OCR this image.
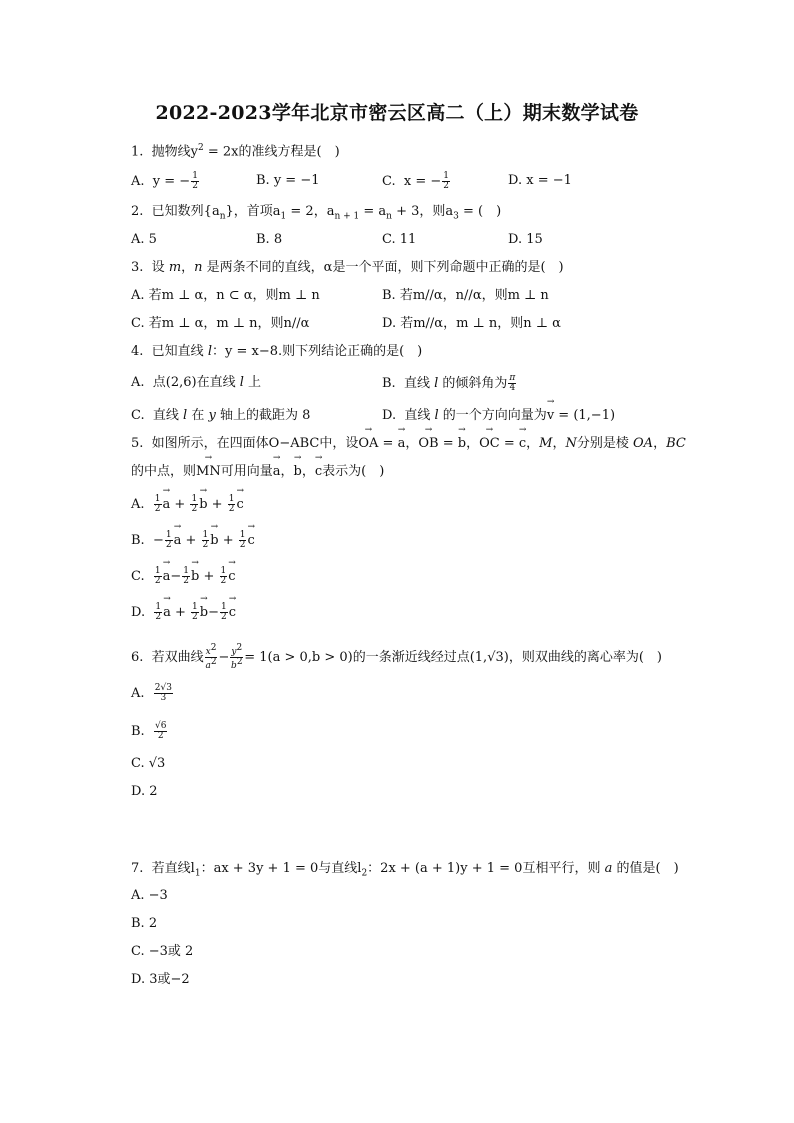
2022-2023学年北京市密云区高二（上）期末数学试卷
1.  抛物线$y^2 = 2x$的准线方程是(　)
A.  y = − $\frac{1}{2}$	B. y = −1	C.  x = − $\frac{1}{2}$	D. x = −1
2.  已知数列$\{a_n\}$，首项$a_1 = 2$，$a_{n + 1} = a_n + 3$，则$a_3$ = (　)
A. 5	B. 8	C. 11	D. 15
3.  设 m，n 是两条不同的直线，α是一个平面，则下列命题中正确的是(　)
A. 若m ⊥ α，n ⊂ α，则m ⊥ n	B. 若m//α，n//α，则m ⊥ n
C. 若m ⊥ α，m ⊥ n，则n//α	D. 若m//α，m ⊥ n，则n ⊥ α
4.  已知直线 l：y = x−8.则下列结论正确的是(　)
A.  点(2,6)在直线 l 上	B.  直线 l 的倾斜角为 $\frac{\pi}{4}$
C.  直线 l 在 y 轴上的截距为 8	D.  直线 l 的一个方向向量为→ v = (1,−1)
5.  如图所示，在四面体O−ABC中，设→ OA = → a，→ OB = → b，→ OC = → c，M，N分别是棱 OA，BC
的中点，则→ MN可用向量→ a，→ b，→ c表示为(　)
A. $\frac{1}{2}$
→ $a + \frac{1}{2}$
→ $b + \frac{1}{2}$
→ c
B.  − $\frac{1}{2}$
→ $a + \frac{1}{2}$
→ $b + \frac{1}{2}$
→ c
C. $\frac{1}{2}$
→ $a- \frac{1}{2}$
→ $b + \frac{1}{2}$
→ c
D. $\frac{1}{2}$
→ $a + \frac{1}{2}$
→ $b- \frac{1}{2}$
→ c
6.  若双曲线 $\frac{x^2}{a^2} - \frac{y^2}{b^2} = 1(a > 0,b > 0)$的一条渐近线经过点(1,√3)，则双曲线的离心率为(　)
A. $\frac{2√3}{3}$
B. $\frac{√6}{2}$
C. √3
D. 2
7.  若直线$l_1$：ax + 3y + 1 = 0与直线$l_2$：2x + (a + 1)y + 1 = 0互相平行，则 a 的值是(　)
A. −3
B. 2
C. −3或 2
D. 3或−2
